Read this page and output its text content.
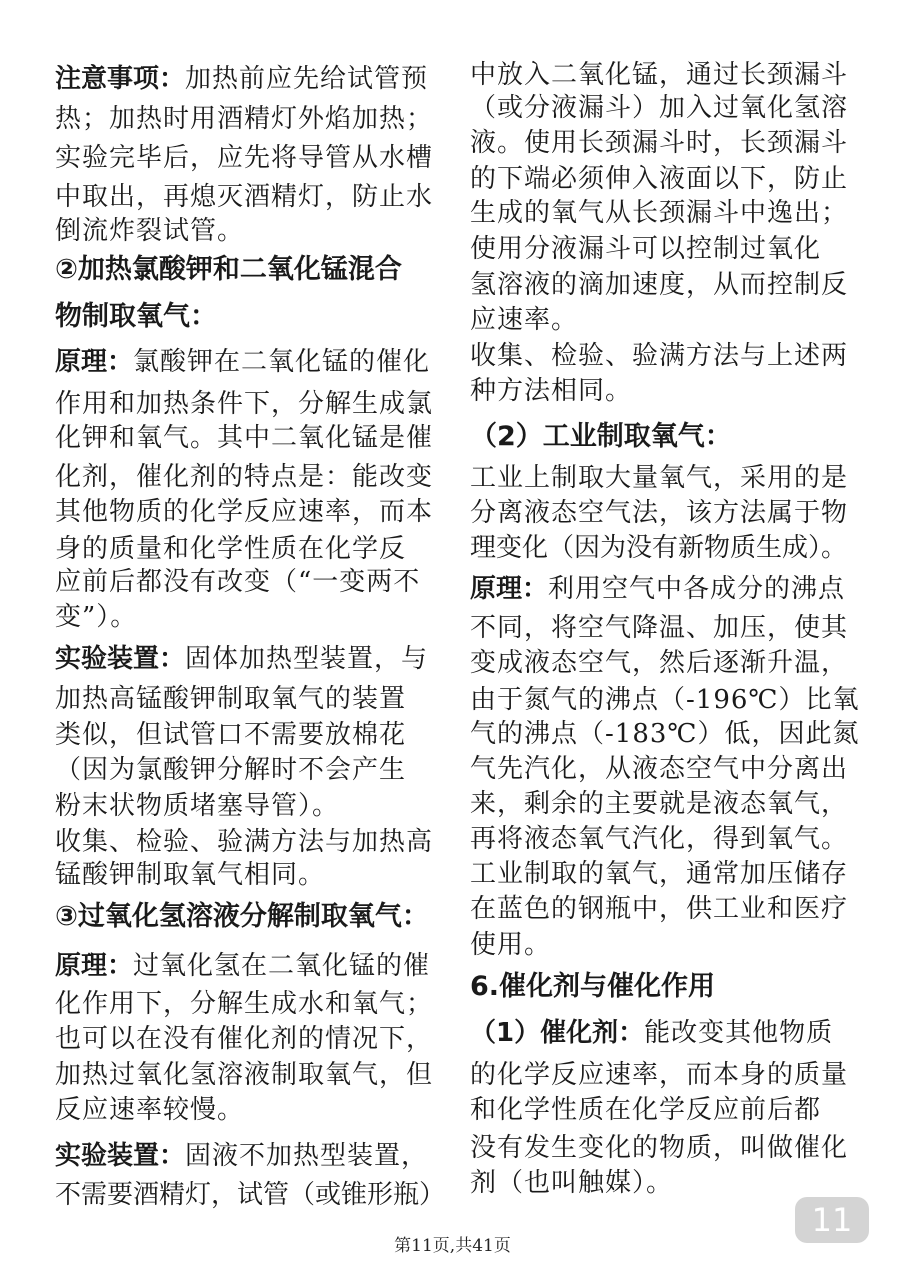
注意事项：加热前应先给试管预
热；加热时用酒精灯外焰加热；
实验完毕后，应先将导管从水槽
中取出，再熄灭酒精灯，防止水
倒流炸裂试管。
②加热氯酸钾和二氧化锰混合
物制取氧气：
原理：氯酸钾在二氧化锰的催化
作用和加热条件下，分解生成氯
化钾和氧气。其中二氧化锰是催
化剂，催化剂的特点是：能改变
其他物质的化学反应速率，而本
身的质量和化学性质在化学反
应前后都没有改变（“一变两不
变”）。
实验装置：固体加热型装置，与
加热高锰酸钾制取氧气的装置
类似，但试管口不需要放棉花
（因为氯酸钾分解时不会产生
粉末状物质堵塞导管）。
收集、检验、验满方法与加热高
锰酸钾制取氧气相同。
③过氧化氢溶液分解制取氧气：
原理：过氧化氢在二氧化锰的催
化作用下，分解生成水和氧气；
也可以在没有催化剂的情况下，
加热过氧化氢溶液制取氧气，但
反应速率较慢。
实验装置：固液不加热型装置，
不需要酒精灯，试管（或锥形瓶）
中放入二氧化锰，通过长颈漏斗
（或分液漏斗）加入过氧化氢溶
液。使用长颈漏斗时，长颈漏斗
的下端必须伸入液面以下，防止
生成的氧气从长颈漏斗中逸出；
使用分液漏斗可以控制过氧化
氢溶液的滴加速度，从而控制反
应速率。
收集、检验、验满方法与上述两
种方法相同。
（2）工业制取氧气：
工业上制取大量氧气，采用的是
分离液态空气法，该方法属于物
理变化（因为没有新物质生成）。
原理：利用空气中各成分的沸点
不同，将空气降温、加压，使其
变成液态空气，然后逐渐升温，
由于氮气的沸点（-196℃）比氧
气的沸点（-183℃）低，因此氮
气先汽化，从液态空气中分离出
来，剩余的主要就是液态氧气，
再将液态氧气汽化，得到氧气。
工业制取的氧气，通常加压储存
在蓝色的钢瓶中，供工业和医疗
使用。
6.催化剂与催化作用
（1）催化剂：能改变其他物质
的化学反应速率，而本身的质量
和化学性质在化学反应前后都
没有发生变化的物质，叫做催化
剂（也叫触媒）。
11
第11页,共41页
